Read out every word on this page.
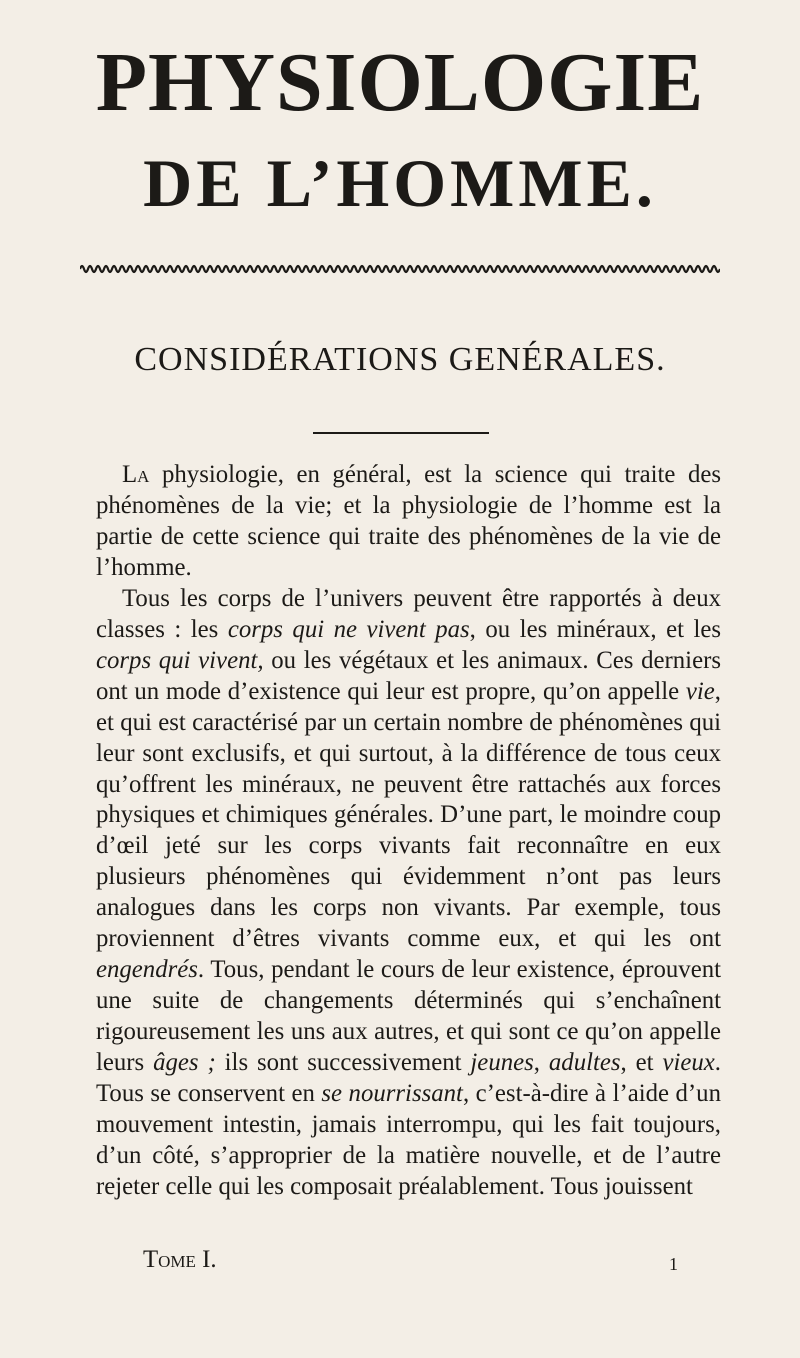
PHYSIOLOGIE
DE L’HOMME.
CONSIDÉRATIONS GENÉRALES.

La physiologie, en général, est la science qui traite des phénomènes de la vie; et la physiologie de l’homme est la partie de cette science qui traite des phénomènes de la vie de l’homme.

Tous les corps de l’univers peuvent être rapportés à deux classes : les corps qui ne vivent pas, ou les minéraux, et les corps qui vivent, ou les végétaux et les animaux. Ces derniers ont un mode d’existence qui leur est propre, qu’on appelle vie, et qui est caractérisé par un certain nombre de phénomènes qui leur sont exclusifs, et qui surtout, à la différence de tous ceux qu’offrent les minéraux, ne peuvent être rattachés aux forces physiques et chimiques générales. D’une part, le moindre coup d’œil jeté sur les corps vivants fait reconnaître en eux plusieurs phénomènes qui évidemment n’ont pas leurs analogues dans les corps non vivants. Par exemple, tous proviennent d’êtres vivants comme eux, et qui les ont engendrés. Tous, pendant le cours de leur existence, éprouvent une suite de changements déterminés qui s’enchaînent rigoureusement les uns aux autres, et qui sont ce qu’on appelle leurs âges ; ils sont successivement jeunes, adultes, et vieux. Tous se conservent en se nourrissant, c’est-à-dire à l’aide d’un mouvement intestin, jamais interrompu, qui les fait toujours, d’un côté, s’approprier de la matière nouvelle, et de l’autre rejeter celle qui les composait préalablement. Tous jouissent

Tome I.	1
